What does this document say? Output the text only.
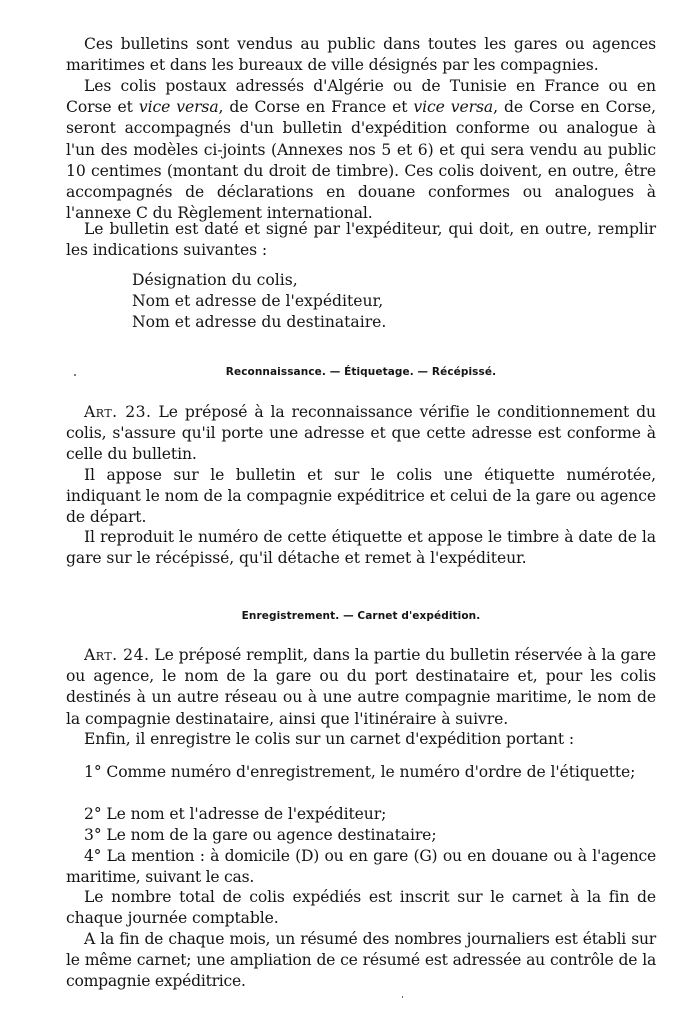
Ces bulletins sont vendus au public dans toutes les gares ou agences maritimes et dans les bureaux de ville désignés par les compagnies.
Les colis postaux adressés d'Algérie ou de Tunisie en France ou en Corse et vice versa, de Corse en France et vice versa, de Corse en Corse, seront accompagnés d'un bulletin d'expédition conforme ou analogue à l'un des modèles ci-joints (Annexes nos 5 et 6) et qui sera vendu au public 10 centimes (montant du droit de timbre). Ces colis doivent, en outre, être accompagnés de déclarations en douane conformes ou analogues à l'annexe C du Règlement international.
Le bulletin est daté et signé par l'expéditeur, qui doit, en outre, remplir les indications suivantes :
Désignation du colis,
Nom et adresse de l'expéditeur,
Nom et adresse du destinataire.
Reconnaissance. — Étiquetage. — Récépissé.
Art. 23. Le préposé à la reconnaissance vérifie le conditionnement du colis, s'assure qu'il porte une adresse et que cette adresse est conforme à celle du bulletin.
Il appose sur le bulletin et sur le colis une étiquette numérotée, indiquant le nom de la compagnie expéditrice et celui de la gare ou agence de départ.
Il reproduit le numéro de cette étiquette et appose le timbre à date de la gare sur le récépissé, qu'il détache et remet à l'expéditeur.
Enregistrement. — Carnet d'expédition.
Art. 24. Le préposé remplit, dans la partie du bulletin réservée à la gare ou agence, le nom de la gare ou du port destinataire et, pour les colis destinés à un autre réseau ou à une autre compagnie maritime, le nom de la compagnie destinataire, ainsi que l'itinéraire à suivre.
Enfin, il enregistre le colis sur un carnet d'expédition portant :
1° Comme numéro d'enregistrement, le numéro d'ordre de l'étiquette;
2° Le nom et l'adresse de l'expéditeur;
3° Le nom de la gare ou agence destinataire;
4° La mention : à domicile (D) ou en gare (G) ou en douane ou à l'agence maritime, suivant le cas.
Le nombre total de colis expédiés est inscrit sur le carnet à la fin de chaque journée comptable.
A la fin de chaque mois, un résumé des nombres journaliers est établi sur le même carnet; une ampliation de ce résumé est adressée au contrôle de la compagnie expéditrice.
